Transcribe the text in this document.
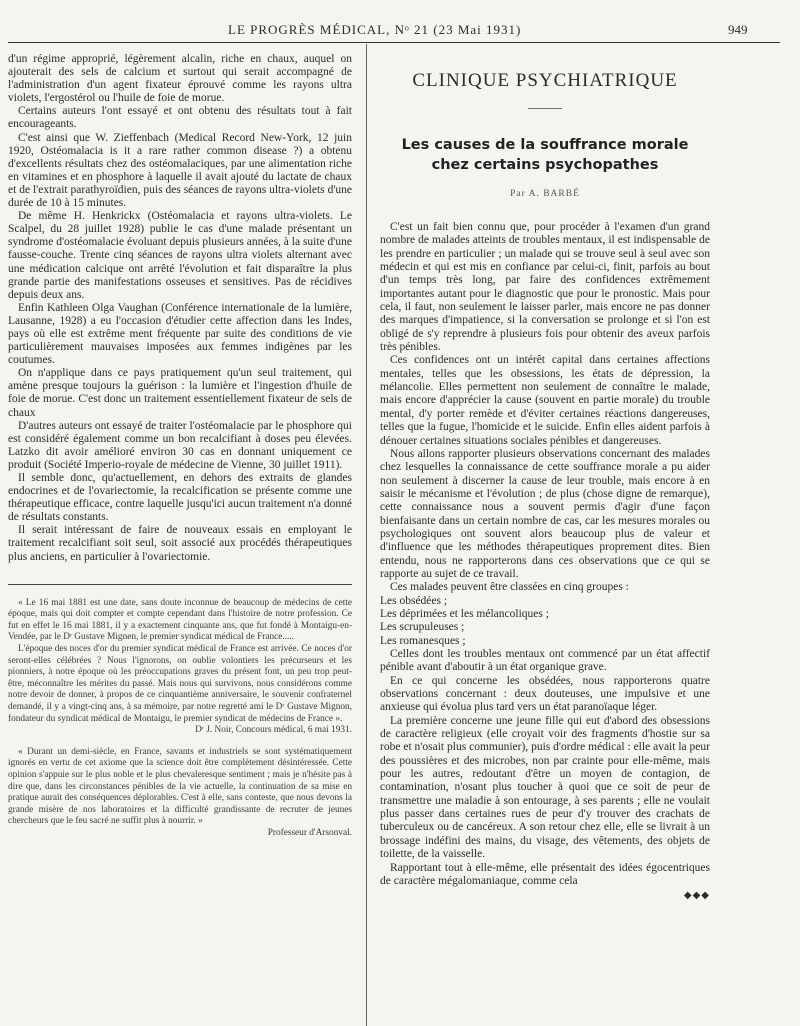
LE PROGRÈS MÉDICAL, Nᵒ 21 (23 Mai 1931)	949

d'un régime approprié, légèrement alcalin, riche en chaux, auquel on ajouterait des sels de calcium et surtout qui serait accompagné de l'administration d'un agent fixateur éprouvé comme les rayons ultra violets, l'ergostérol ou l'huile de foie de morue.

Certains auteurs l'ont essayé et ont obtenu des résultats tout à fait encourageants.

C'est ainsi que W. Zieffenbach (Medical Record New-York, 12 juin 1920, Ostéomalacia is it a rare rather common disease ?) a obtenu d'excellents résultats chez des ostéomalaciques, par une alimentation riche en vitamines et en phosphore à laquelle il avait ajouté du lactate de chaux et de l'extrait parathyroïdien, puis des séances de rayons ultra-violets d'une durée de 10 à 15 minutes.

De même H. Henkrickx (Ostéomalacia et rayons ultra-violets. Le Scalpel, du 28 juillet 1928) publie le cas d'une malade présentant un syndrome d'ostéomalacie évoluant depuis plusieurs années, à la suite d'une fausse-couche. Trente cinq séances de rayons ultra violets alternant avec une médication calcique ont arrêté l'évolution et fait disparaître la plus grande partie des manifestations osseuses et sensitives. Pas de récidives depuis deux ans.

Enfin Kathleen Olga Vaughan (Conférence internationale de la lumière, Lausanne, 1928) a eu l'occasion d'étudier cette affection dans les Indes, pays où elle est extrême ment fréquente par suite des conditions de vie particulièrement mauvaises imposées aux femmes indigènes par les coutumes.

On n'applique dans ce pays pratiquement qu'un seul traitement, qui amène presque toujours la guérison : la lumière et l'ingestion d'huile de foie de morue. C'est donc un traitement essentiellement fixateur de sels de chaux

D'autres auteurs ont essayé de traiter l'ostéomalacie par le phosphore qui est considéré également comme un bon recalcifiant à doses peu élevées. Latzko dit avoir amélioré environ 30 cas en donnant uniquement ce produit (Société Imperio-royale de médecine de Vienne, 30 juillet 1911).

Il semble donc, qu'actuellement, en dehors des extraits de glandes endocrines et de l'ovariectomie, la recalcification se présente comme une thérapeutique efficace, contre laquelle jusqu'ici aucun traitement n'a donné de résultats constants.

Il serait intéressant de faire de nouveaux essais en employant le traitement recalcifiant soit seul, soit associé aux procédés thérapeutiques plus anciens, en particulier à l'ovariectomie.

« Le 16 mai 1881 est une date, sans doute inconnue de beaucoup de médecins de cette époque, mais qui doit compter et compte cependant dans l'histoire de notre profession. Ce fut en effet le 16 mai 1881, il y a exactement cinquante ans, que fut fondé à Montaigu-en-Vendée, par le Dʳ Gustave Mignen, le premier syndicat médical de France.....

L'époque des noces d'or du premier syndicat médical de France est arrivée. Ce noces d'or seront-elles célébrées ? Nous l'ignorons, on oublie volontiers les précurseurs et les pionniers, à notre époque où les préoccupations graves du présent font, un peu trop peut-être, méconnaître les mérites du passé. Mais nous qui survivons, nous considérons comme notre devoir de donner, à propos de ce cinquantième anniversaire, le souvenir confraternel demandé, il y a vingt-cinq ans, à sa mémoire, par notre regretté ami le Dʳ Gustave Mignon, fondateur du syndicat médical de Montaigu, le premier syndicat de médecins de France ».

Dʳ J. Noir, Concours médical, 6 mai 1931.

« Durant un demi-siècle, en France, savants et industriels se sont systématiquement ignorés en vertu de cet axiome que la science doit être complètement désintéressée. Cette opinion s'appuie sur le plus noble et le plus chevaleresque sentiment ; mais je n'hésite pas à dire que, dans les circonstances pénibles de la vie actuelle, la continuation de sa mise en pratique aurait des conséquences déplorables. C'est à elle, sans conteste, que nous devons la grande misère de nos laboratoires et la difficulté grandissante de recruter de jeunes chercheurs que le feu sacré ne suffit plus à nourrir. »

Professeur d'Arsonval.

CLINIQUE PSYCHIATRIQUE

Les causes de la souffrance morale
chez certains psychopathes

Par A. BARBÉ

C'est un fait bien connu que, pour procéder à l'examen d'un grand nombre de malades atteints de troubles mentaux, il est indispensable de les prendre en particulier ; un malade qui se trouve seul à seul avec son médecin et qui est mis en confiance par celui-ci, finit, parfois au bout d'un temps très long, par faire des confidences extrêmement importantes autant pour le diagnostic que pour le pronostic. Mais pour cela, il faut, non seulement le laisser parler, mais encore ne pas donner des marques d'impatience, si la conversation se prolonge et si l'on est obligé de s'y reprendre à plusieurs fois pour obtenir des aveux parfois très pénibles.

Ces confidences ont un intérêt capital dans certaines affections mentales, telles que les obsessions, les états de dépression, la mélancolie. Elles permettent non seulement de connaître le malade, mais encore d'apprécier la cause (souvent en partie morale) du trouble mental, d'y porter remède et d'éviter certaines réactions dangereuses, telles que la fugue, l'homicide et le suicide. Enfin elles aident parfois à dénouer certaines situations sociales pénibles et dangereuses.

Nous allons rapporter plusieurs observations concernant des malades chez lesquelles la connaissance de cette souffrance morale a pu aider non seulement à discerner la cause de leur trouble, mais encore à en saisir le mécanisme et l'évolution ; de plus (chose digne de remarque), cette connaissance nous a souvent permis d'agir d'une façon bienfaisante dans un certain nombre de cas, car les mesures morales ou psychologiques ont souvent alors beaucoup plus de valeur et d'influence que les méthodes thérapeutiques proprement dites. Bien entendu, nous ne rapporterons dans ces observations que ce qui se rapporte au sujet de ce travail.

Ces malades peuvent être classées en cinq groupes :

Les obsédées ;

Les déprimées et les mélancoliques ;

Les scrupuleuses ;

Les romanesques ;

Celles dont les troubles mentaux ont commencé par un état affectif pénible avant d'aboutir à un état organique grave.

En ce qui concerne les obsédées, nous rapporterons quatre observations concernant : deux douteuses, une impulsive et une anxieuse qui évolua plus tard vers un état paranoïaque léger.

La première concerne une jeune fille qui eut d'abord des obsessions de caractère religieux (elle croyait voir des fragments d'hostie sur sa robe et n'osait plus communier), puis d'ordre médical : elle avait la peur des poussières et des microbes, non par crainte pour elle-même, mais pour les autres, redoutant d'être un moyen de contagion, de contamination, n'osant plus toucher à quoi que ce soit de peur de transmettre une maladie à son entourage, à ses parents ; elle ne voulait plus passer dans certaines rues de peur d'y trouver des crachats de tuberculeux ou de cancéreux. A son retour chez elle, elle se livrait à un brossage indéfini des mains, du visage, des vêtements, des objets de toilette, de la vaisselle.

Rapportant tout à elle-même, elle présentait des idées égocentriques de caractère mégalomaniaque, comme cela

◆◆◆
